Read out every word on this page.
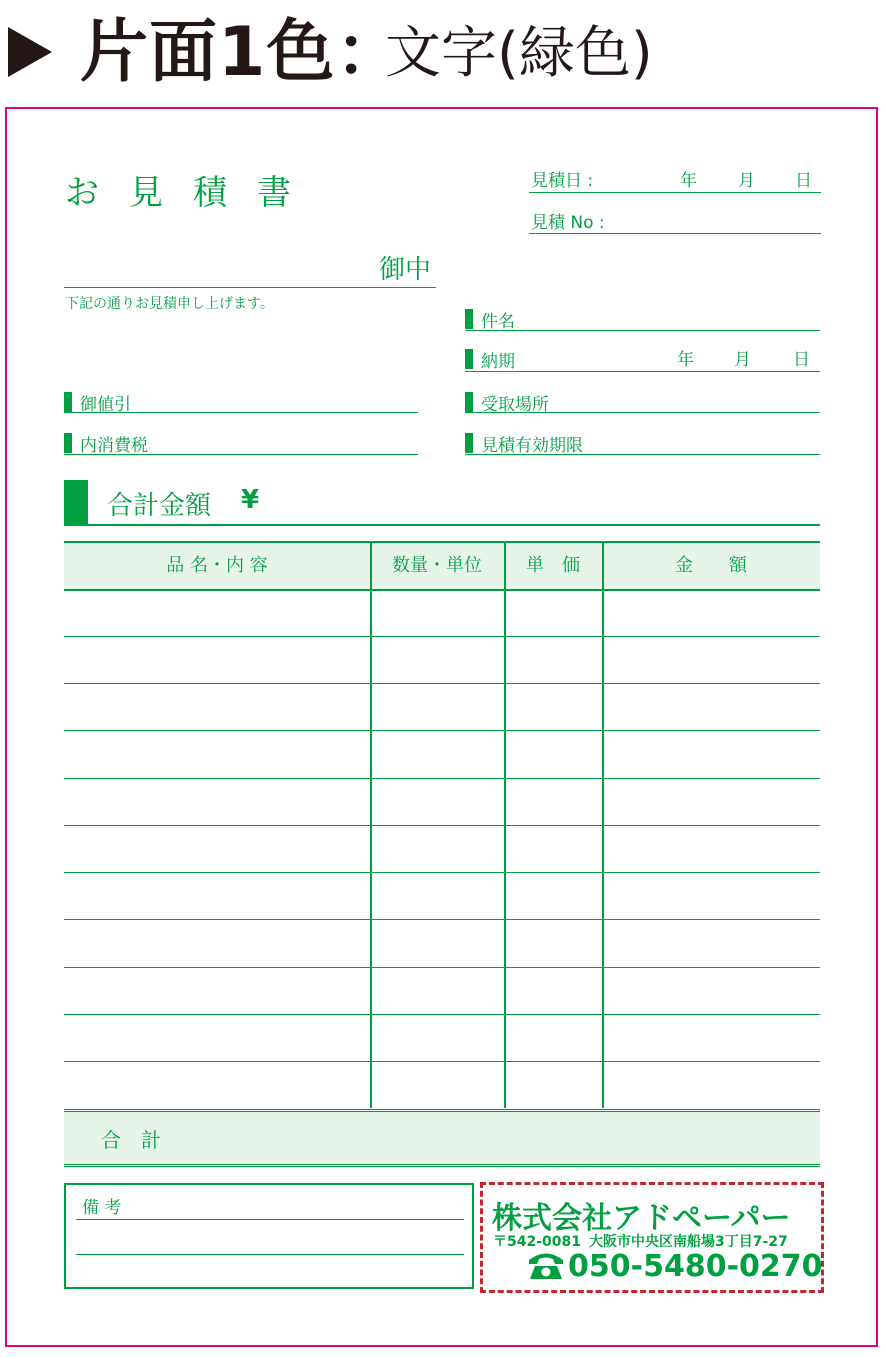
片面1色：
文字(緑色)
お見積書	見積日 :	年 月 日
見積 No :
御中
下記の通りお見積申し上げます。
件名
納期	年 月 日
受取場所
見積有効期限
御値引
内消費税
合計金額 ¥
品 名・内 容	数量・単位	単　価	金　　額
合　計
備 考	株式会社アドペーパー
〒542-0081 大阪市中央区南船場3丁目7-27
050-5480-0270
